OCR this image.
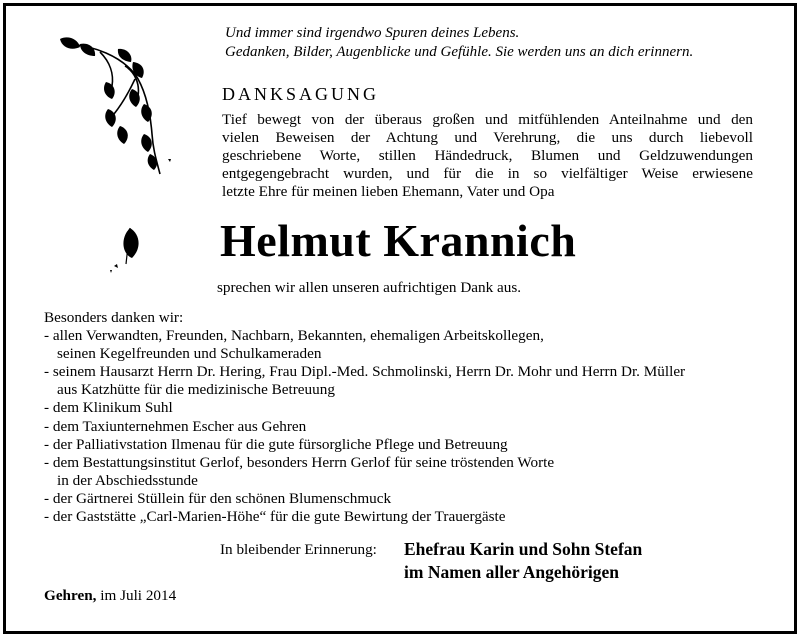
Und immer sind irgendwo Spuren deines Lebens.
Gedanken, Bilder, Augenblicke und Gefühle. Sie werden uns an dich erinnern.
DANKSAGUNG
Tief bewegt von der überaus großen und mitfühlenden Anteilnahme und den
vielen Beweisen der Achtung und Verehrung, die uns durch liebevoll
geschriebene Worte, stillen Händedruck, Blumen und Geldzuwendungen
entgegengebracht wurden, und für die in so vielfältiger Weise erwiesene
letzte Ehre für meinen lieben Ehemann, Vater und Opa
Helmut Krannich
sprechen wir allen unseren aufrichtigen Dank aus.
Besonders danken wir:
- allen Verwandten, Freunden, Nachbarn, Bekannten, ehemaligen Arbeitskollegen,
seinen Kegelfreunden und Schulkameraden
- seinem Hausarzt Herrn Dr. Hering, Frau Dipl.-Med. Schmolinski, Herrn Dr. Mohr und Herrn Dr. Müller
aus Katzhütte für die medizinische Betreuung
- dem Klinikum Suhl
- dem Taxiunternehmen Escher aus Gehren
- der Palliativstation Ilmenau für die gute fürsorgliche Pflege und Betreuung
- dem Bestattungsinstitut Gerlof, besonders Herrn Gerlof für seine tröstenden Worte
in der Abschiedsstunde
- der Gärtnerei Stüllein für den schönen Blumenschmuck
- der Gaststätte „Carl-Marien-Höhe“ für die gute Bewirtung der Trauergäste
In bleibender Erinnerung: Ehefrau Karin und Sohn Stefan
im Namen aller Angehörigen
Gehren, im Juli 2014
